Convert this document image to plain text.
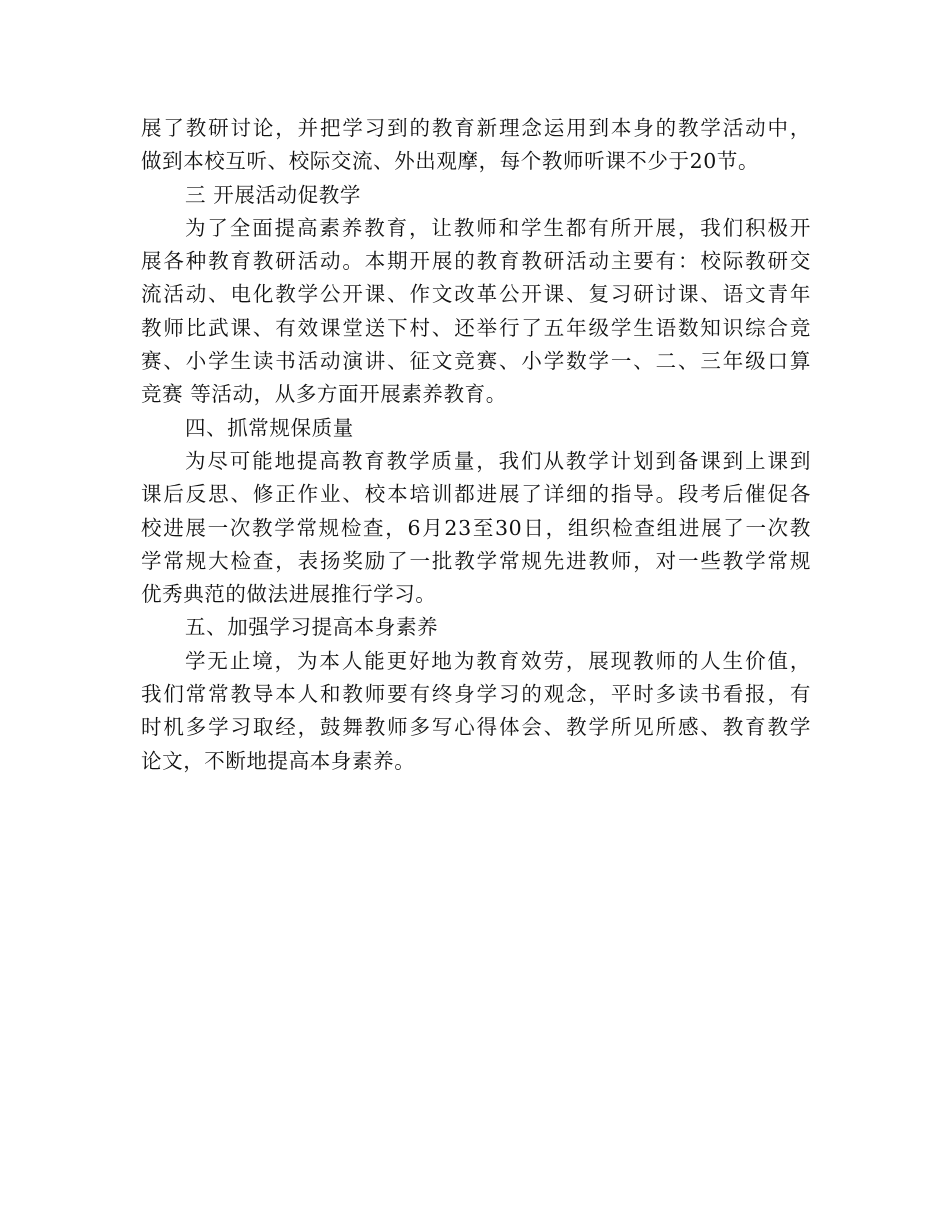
展了教研讨论，并把学习到的教育新理念运用到本身的教学活动中，
做到本校互听、校际交流、外出观摩，每个教师听课不少于20节。
三 开展活动促教学
为了全面提高素养教育，让教师和学生都有所开展，我们积极开
展各种教育教研活动。本期开展的教育教研活动主要有：校际教研交
流活动、电化教学公开课、作文改革公开课、复习研讨课、语文青年
教师比武课、有效课堂送下村、还举行了五年级学生语数知识综合竞
赛、小学生读书活动演讲、征文竞赛、小学数学一、二、三年级口算
竞赛 等活动，从多方面开展素养教育。
四、抓常规保质量
为尽可能地提高教育教学质量，我们从教学计划到备课到上课到
课后反思、修正作业、校本培训都进展了详细的指导。段考后催促各
校进展一次教学常规检查，6月23至30日，组织检查组进展了一次教
学常规大检查，表扬奖励了一批教学常规先进教师，对一些教学常规
优秀典范的做法进展推行学习。
五、加强学习提高本身素养
学无止境，为本人能更好地为教育效劳，展现教师的人生价值，
我们常常教导本人和教师要有终身学习的观念，平时多读书看报，有
时机多学习取经，鼓舞教师多写心得体会、教学所见所感、教育教学
论文，不断地提高本身素养。
